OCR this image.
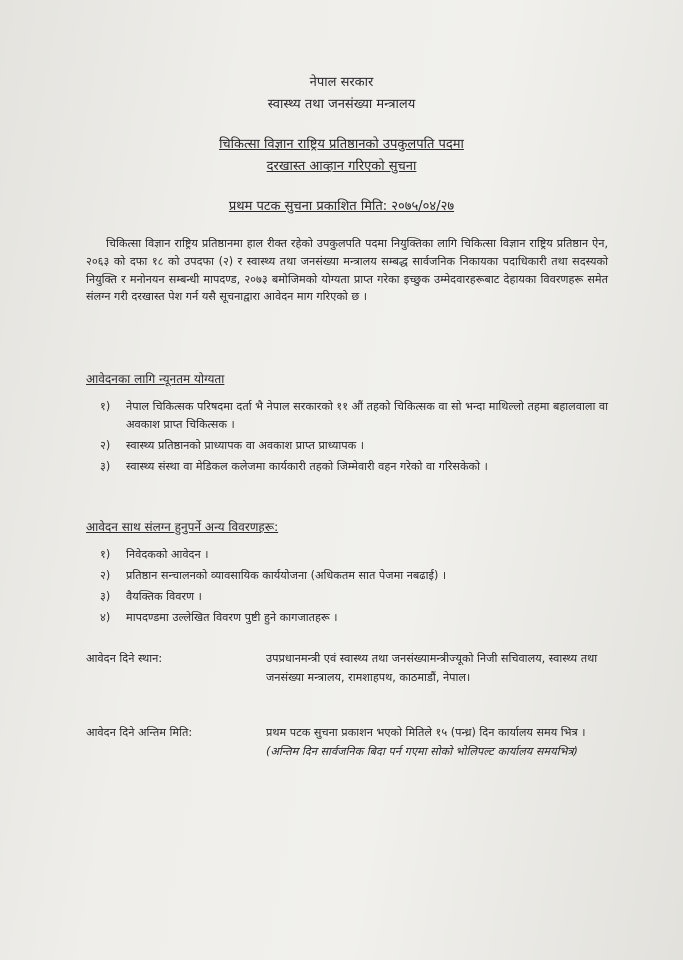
नेपाल सरकार
स्वास्थ्य तथा जनसंख्या मन्त्रालय
चिकित्सा विज्ञान राष्ट्रिय प्रतिष्ठानको उपकुलपति पदमा
दरखास्त आव्हान गरिएको सुचना
प्रथम पटक सुचना प्रकाशित मिति: २०७५/०४/२७
चिकित्सा विज्ञान राष्ट्रिय प्रतिष्ठानमा हाल रीक्त रहेको उपकुलपति पदमा नियुक्तिका लागि चिकित्सा विज्ञान राष्ट्रिय प्रतिष्ठान ऐन, २०६३ को दफा १८ को उपदफा (२) र स्वास्थ्य तथा जनसंख्या मन्त्रालय सम्बद्ध सार्वजनिक निकायका पदाधिकारी तथा सदस्यको नियुक्ति र मनोनयन सम्बन्धी मापदण्ड, २०७३ बमोजिमको योग्यता प्राप्त गरेका इच्छुक उम्मेदवारहरूबाट देहायका विवरणहरू समेत संलग्न गरी दरखास्त पेश गर्न यसै सूचनाद्वारा आवेदन माग गरिएको छ ।
आवेदनका लागि न्यूनतम योग्यता
१)	नेपाल चिकित्सक परिषदमा दर्ता भै नेपाल सरकारको ११ औं तहको चिकित्सक वा सो भन्दा माथिल्लो तहमा बहालवाला वा अवकाश प्राप्त चिकित्सक ।
२)	स्वास्थ्य प्रतिष्ठानको प्राध्यापक वा अवकाश प्राप्त प्राध्यापक ।
३)	स्वास्थ्य संस्था वा मेडिकल कलेजमा कार्यकारी तहको जिम्मेवारी वहन गरेको वा गरिसकेको ।
आवेदन साथ संलग्न हुनुपर्ने अन्य विवरणहरू:
१)	निवेदकको आवेदन ।
२)	प्रतिष्ठान सन्चालनको व्यावसायिक कार्ययोजना (अधिकतम सात पेजमा नबढाई) ।
३)	वैयक्तिक विवरण ।
४)	मापदण्डमा उल्लेखित विवरण पुष्टी हुने कागजातहरू ।
आवेदन दिने स्थान:	उपप्रधानमन्त्री एवं स्वास्थ्य तथा जनसंख्यामन्त्रीज्यूको निजी सचिवालय, स्वास्थ्य तथा जनसंख्या मन्त्रालय, रामशाहपथ, काठमाडौं, नेपाल।
आवेदन दिने अन्तिम मिति:	प्रथम पटक सुचना प्रकाशन भएको मितिले १५ (पन्ध्र) दिन कार्यालय समय भित्र । (अन्तिम दिन सार्वजनिक बिदा पर्न गएमा सोको भोलिपल्ट कार्यालय समयभित्र)
